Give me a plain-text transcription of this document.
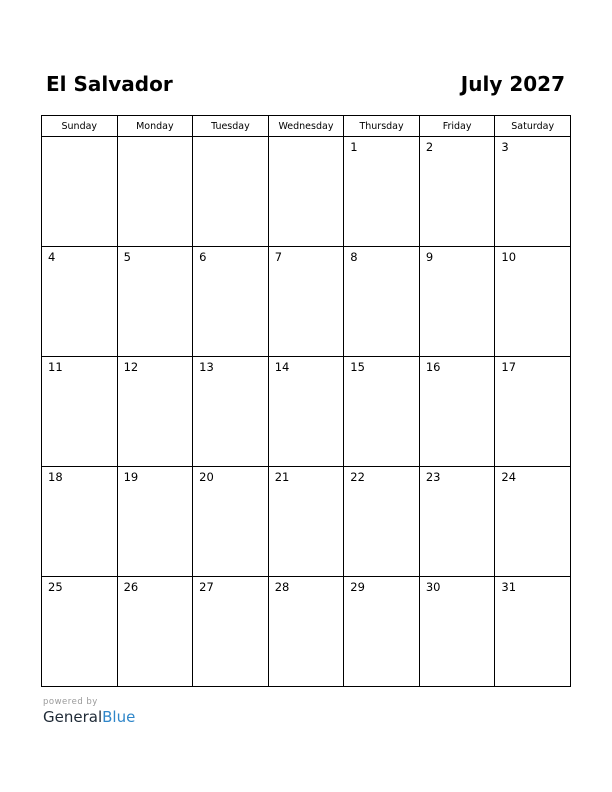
El Salvador	July 2027
Sunday	Monday	Tuesday	Wednesday	Thursday	Friday	Saturday

				1	2	3

4	5	6	7	8	9	10

11	12	13	14	15	16	17

18	19	20	21	22	23	24

25	26	27	28	29	30	31
powered by
GeneralBlue
